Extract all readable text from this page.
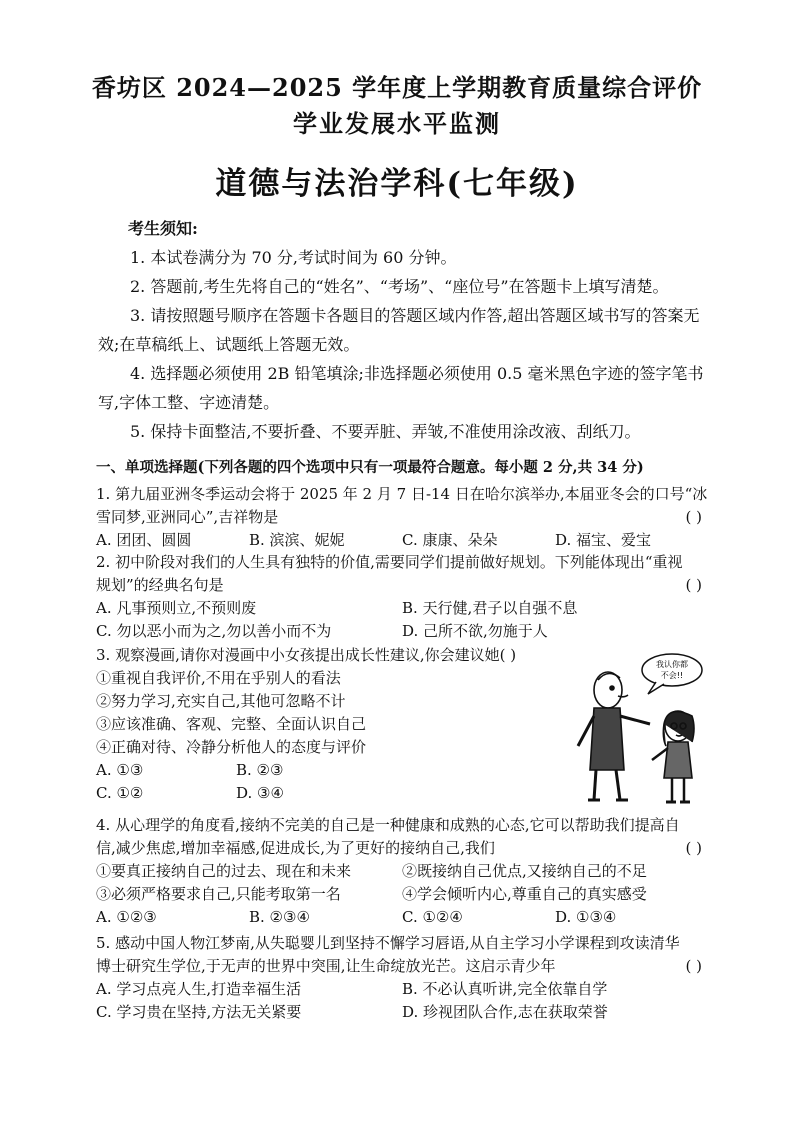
香坊区 2024—2025 学年度上学期教育质量综合评价
学业发展水平监测
道德与法治学科(七年级)
考生须知:
1. 本试卷满分为 70 分,考试时间为 60 分钟。
2. 答题前,考生先将自己的“姓名”、“考场”、“座位号”在答题卡上填写清楚。
3. 请按照题号顺序在答题卡各题目的答题区域内作答,超出答题区域书写的答案无效;在草稿纸上、试题纸上答题无效。
4. 选择题必须使用 2B 铅笔填涂;非选择题必须使用 0.5 毫米黑色字迹的签字笔书写,字体工整、字迹清楚。
5. 保持卡面整洁,不要折叠、不要弄脏、弄皱,不准使用涂改液、刮纸刀。
一、单项选择题(下列各题的四个选项中只有一项最符合题意。每小题 2 分,共 34 分)
1. 第九届亚洲冬季运动会将于 2025 年 2 月 7 日-14 日在哈尔滨举办,本届亚冬会的口号“冰
雪同梦,亚洲同心”,吉祥物是	( )
A. 团团、圆圆	B. 滨滨、妮妮	C. 康康、朵朵	D. 福宝、爱宝
2. 初中阶段对我们的人生具有独特的价值,需要同学们提前做好规划。下列能体现出“重视
规划”的经典名句是	( )
A. 凡事预则立,不预则废	B. 天行健,君子以自强不息
C. 勿以恶小而为之,勿以善小而不为	D. 己所不欲,勿施于人
3. 观察漫画,请你对漫画中小女孩提出成长性建议,你会建议她( )
①重视自我评价,不用在乎别人的看法
②努力学习,充实自己,其他可忽略不计
③应该准确、客观、完整、全面认识自己
④正确对待、冷静分析他人的态度与评价
A. ①③	B. ②③
C. ①②	D. ③④
我认你都
不会!!
4. 从心理学的角度看,接纳不完美的自己是一种健康和成熟的心态,它可以帮助我们提高自
信,减少焦虑,增加幸福感,促进成长,为了更好的接纳自己,我们	( )
①要真正接纳自己的过去、现在和未来	②既接纳自己优点,又接纳自己的不足
③必须严格要求自己,只能考取第一名	④学会倾听内心,尊重自己的真实感受
A. ①②③	B. ②③④	C. ①②④	D. ①③④
5. 感动中国人物江梦南,从失聪婴儿到坚持不懈学习唇语,从自主学习小学课程到攻读清华
博士研究生学位,于无声的世界中突围,让生命绽放光芒。这启示青少年	( )
A. 学习点亮人生,打造幸福生活	B. 不必认真听讲,完全依靠自学
C. 学习贵在坚持,方法无关紧要	D. 珍视团队合作,志在获取荣誉
